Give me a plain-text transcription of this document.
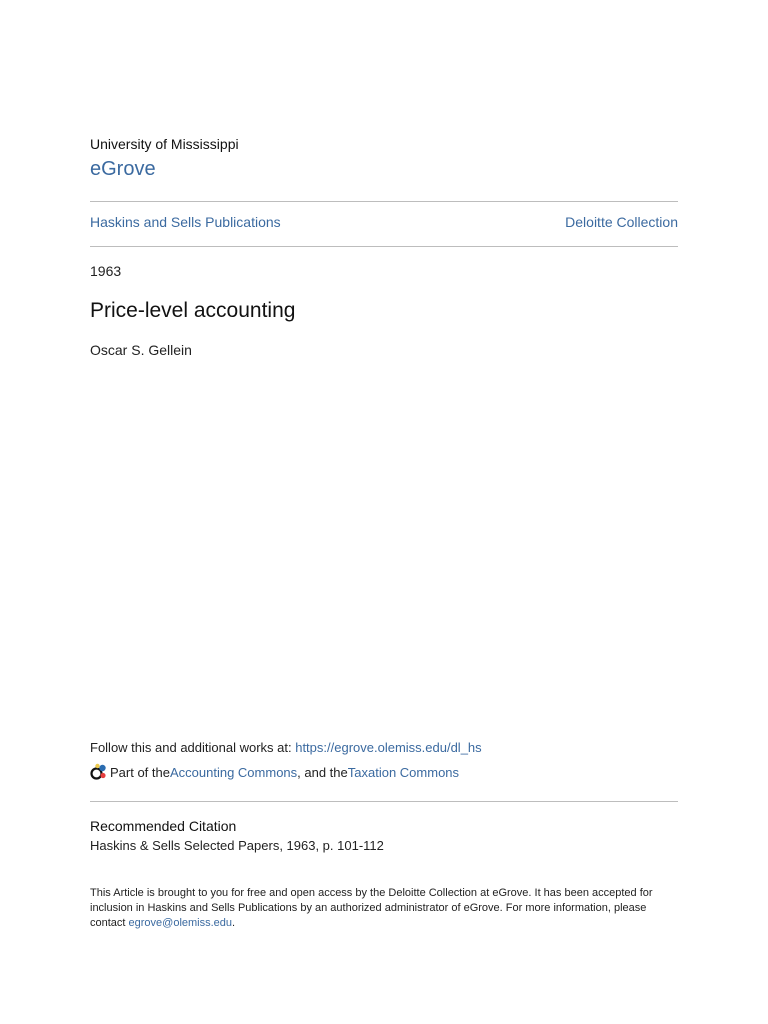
University of Mississippi
eGrove
Haskins and Sells Publications	Deloitte Collection
1963
Price-level accounting
Oscar S. Gellein
Follow this and additional works at: https://egrove.olemiss.edu/dl_hs
Part of the Accounting Commons , and the Taxation Commons
Recommended Citation
Haskins & Sells Selected Papers, 1963, p. 101-112
This Article is brought to you for free and open access by the Deloitte Collection at eGrove. It has been accepted for inclusion in Haskins and Sells Publications by an authorized administrator of eGrove. For more information, please contact egrove@olemiss.edu.
